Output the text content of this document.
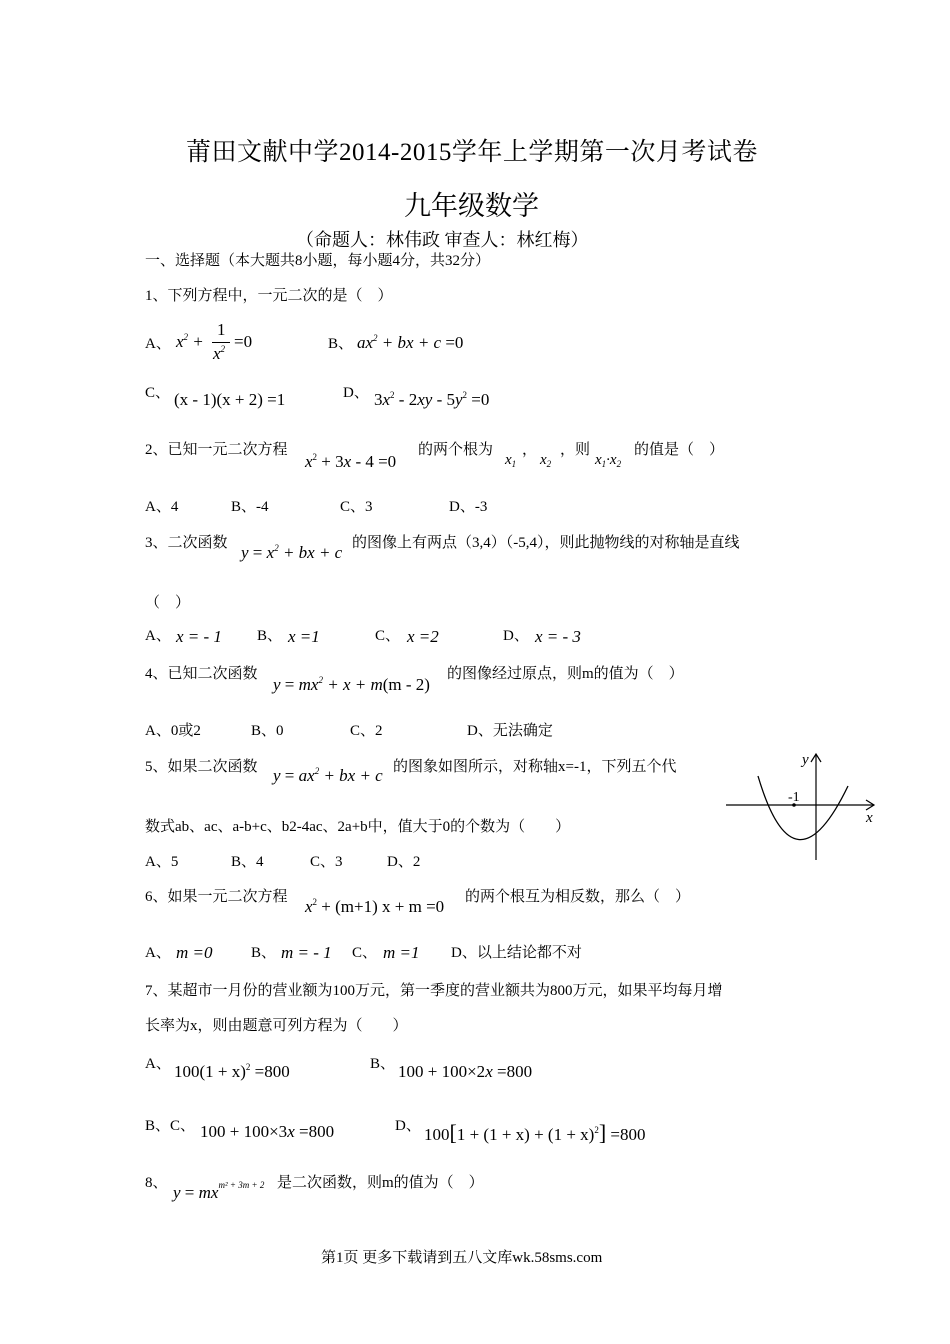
莆田文献中学2014-2015学年上学期第一次月考试卷
九年级数学
（命题人：林伟政 审查人：林红梅）
一、选择题（本大题共8小题，每小题4分，共32分）
1、下列方程中，一元二次的是（　）
A、 $x^2$ +
1
$x^2 =0$	B、 $ax^2$ + bx + c =0
C、 (x - 1)(x + 2) =1	D、 $3x^2 - 2xy - 5y^2 =0$
2、已知一元二次方程
$x^2 + 3x - 4 =0$
的两个根为
$x_1$
，
$x_2$
，则
$x_1\cdot x_2$
的值是（　）
A、4	B、-4	C、3	D、-3
3、二次函数 $y = x^2$ + bx + c 的图像上有两点（3,4）（-5,4），则此抛物线的对称轴是直线
（　）
A、 x = - 1 B、 x =1	C、 x =2	D、 x = - 3
4、已知二次函数
$y = mx^2 + x + m(m - 2)$
的图像经过原点，则m的值为（　）
A、0或2	B、0	C、2	D、无法确定
5、如果二次函数 $y = ax^2$ + bx + c 的图象如图所示，对称轴x=-1，下列五个代
数式ab、ac、a-b+c、b2-4ac、2a+b中，值大于0的个数为（　　）
A、5	B、4	C、3	D、2
y
x
-1
6、如果一元二次方程 $x^2 + (m+1) x + m =0$ 的两个根互为相反数，那么（　）
A、 m =0	B、 m = - 1 C、 m =1 D、以上结论都不对
7、某超市一月份的营业额为100万元，第一季度的营业额共为800万元，如果平均每月增
长率为x，则由题意可列方程为（　　）
A、 $100(1 + x)^2 =800$	B、 100 + 100×2x =800
B、C、 100 + 100×3x =800	D、 $100[1 + (1 + x) + (1 + x)^2] =800$
8、 $y = mx^{m^2 + 3m + 2}$ 是二次函数，则m的值为（　）
第1页 更多下载请到五八文库wk.58sms.com
